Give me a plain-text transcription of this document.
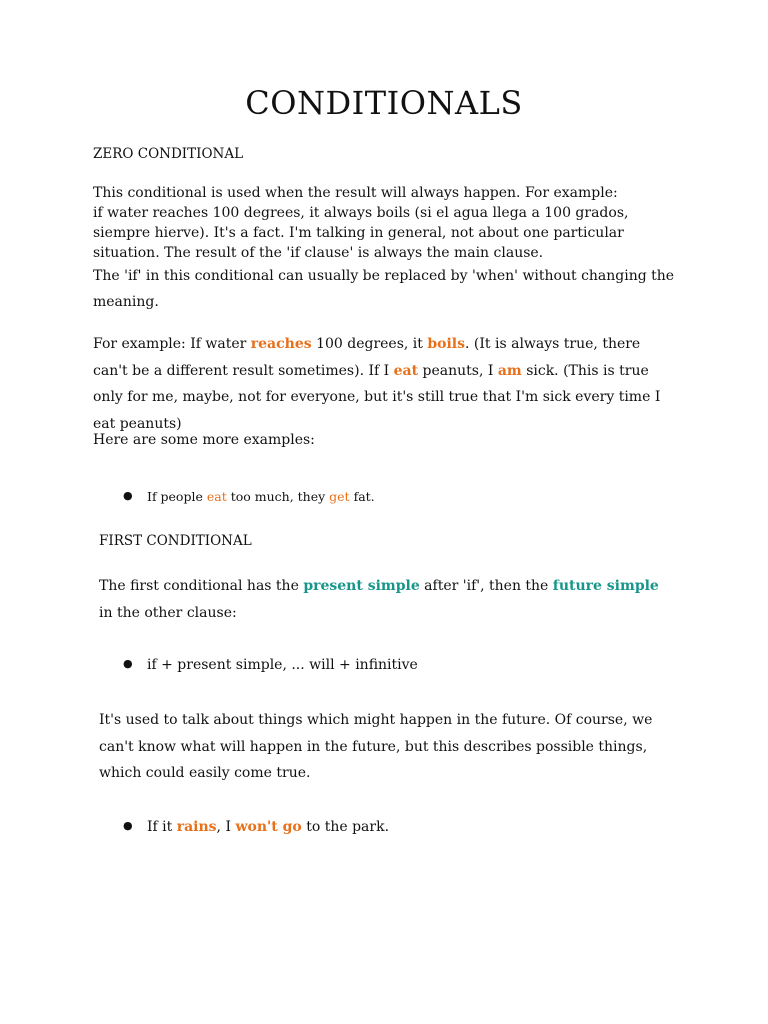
CONDITIONALS

ZERO CONDITIONAL

This conditional is used when the result will always happen. For example:
if water reaches 100 degrees, it always boils (si el agua llega a 100 grados, siempre hierve). It's a fact. I'm talking in general, not about one particular situation. The result of the 'if clause' is always the main clause.
The 'if' in this conditional can usually be replaced by 'when' without changing the meaning.

For example: If water reaches 100 degrees, it boils. (It is always true, there can't be a different result sometimes). If I eat peanuts, I am sick. (This is true only for me, maybe, not for everyone, but it's still true that I'm sick every time I eat peanuts)

Here are some more examples:

● If people eat too much, they get fat.

FIRST CONDITIONAL

The first conditional has the present simple after 'if', then the future simple in the other clause:

● if + present simple, ... will + infinitive

It's used to talk about things which might happen in the future. Of course, we can't know what will happen in the future, but this describes possible things, which could easily come true.

● If it rains, I won't go to the park.
